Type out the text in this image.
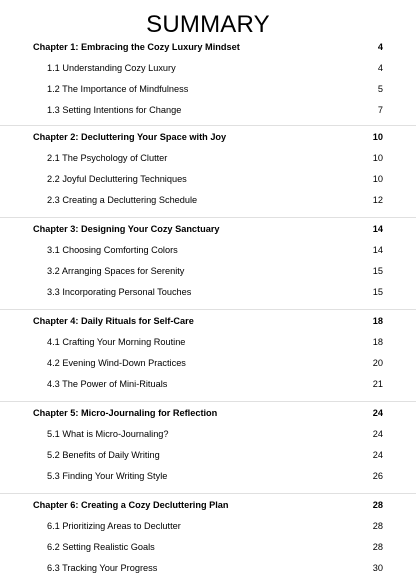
SUMMARY
Chapter 1: Embracing the Cozy Luxury Mindset	4
1.1 Understanding Cozy Luxury	4
1.2 The Importance of Mindfulness	5
1.3 Setting Intentions for Change	7
Chapter 2: Decluttering Your Space with Joy	10
2.1 The Psychology of Clutter	10
2.2 Joyful Decluttering Techniques	10
2.3 Creating a Decluttering Schedule	12
Chapter 3: Designing Your Cozy Sanctuary	14
3.1 Choosing Comforting Colors	14
3.2 Arranging Spaces for Serenity	15
3.3 Incorporating Personal Touches	15
Chapter 4: Daily Rituals for Self-Care	18
4.1 Crafting Your Morning Routine	18
4.2 Evening Wind-Down Practices	20
4.3 The Power of Mini-Rituals	21
Chapter 5: Micro-Journaling for Reflection	24
5.1 What is Micro-Journaling?	24
5.2 Benefits of Daily Writing	24
5.3 Finding Your Writing Style	26
Chapter 6: Creating a Cozy Decluttering Plan	28
6.1 Prioritizing Areas to Declutter	28
6.2 Setting Realistic Goals	28
6.3 Tracking Your Progress	30
